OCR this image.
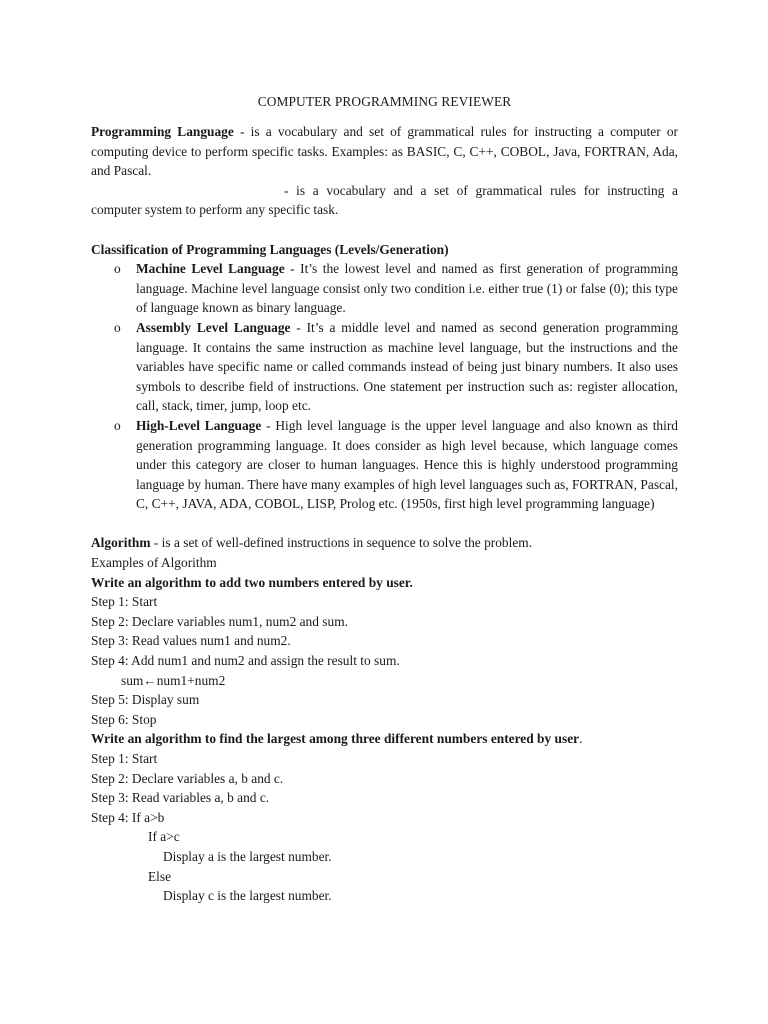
COMPUTER PROGRAMMING REVIEWER

Programming Language - is a vocabulary and set of grammatical rules for instructing a computer or computing device to perform specific tasks. Examples: as BASIC, C, C++, COBOL, Java, FORTRAN, Ada, and Pascal.

- is a vocabulary and a set of grammatical rules for instructing a computer system to perform any specific task.

Classification of Programming Languages (Levels/Generation)
o Machine Level Language - It’s the lowest level and named as first generation of programming language. Machine level language consist only two condition i.e. either true (1) or false (0); this type of language known as binary language.
o Assembly Level Language - It’s a middle level and named as second generation programming language. It contains the same instruction as machine level language, but the instructions and the variables have specific name or called commands instead of being just binary numbers. It also uses symbols to describe field of instructions. One statement per instruction such as: register allocation, call, stack, timer, jump, loop etc.
o High-Level Language - High level language is the upper level language and also known as third generation programming language. It does consider as high level because, which language comes under this category are closer to human languages. Hence this is highly understood programming language by human. There have many examples of high level languages such as, FORTRAN, Pascal, C, C++, JAVA, ADA, COBOL, LISP, Prolog etc. (1950s, first high level programming language)

Algorithm - is a set of well-defined instructions in sequence to solve the problem.

Examples of Algorithm

Write an algorithm to add two numbers entered by user.

Step 1: Start
Step 2: Declare variables num1, num2 and sum.
Step 3: Read values num1 and num2.
Step 4: Add num1 and num2 and assign the result to sum.
sum←num1+num2
Step 5: Display sum
Step 6: Stop

Write an algorithm to find the largest among three different numbers entered by user.

Step 1: Start
Step 2: Declare variables a, b and c.
Step 3: Read variables a, b and c.
Step 4: If a>b
If a>c
Display a is the largest number.
Else
Display c is the largest number.
